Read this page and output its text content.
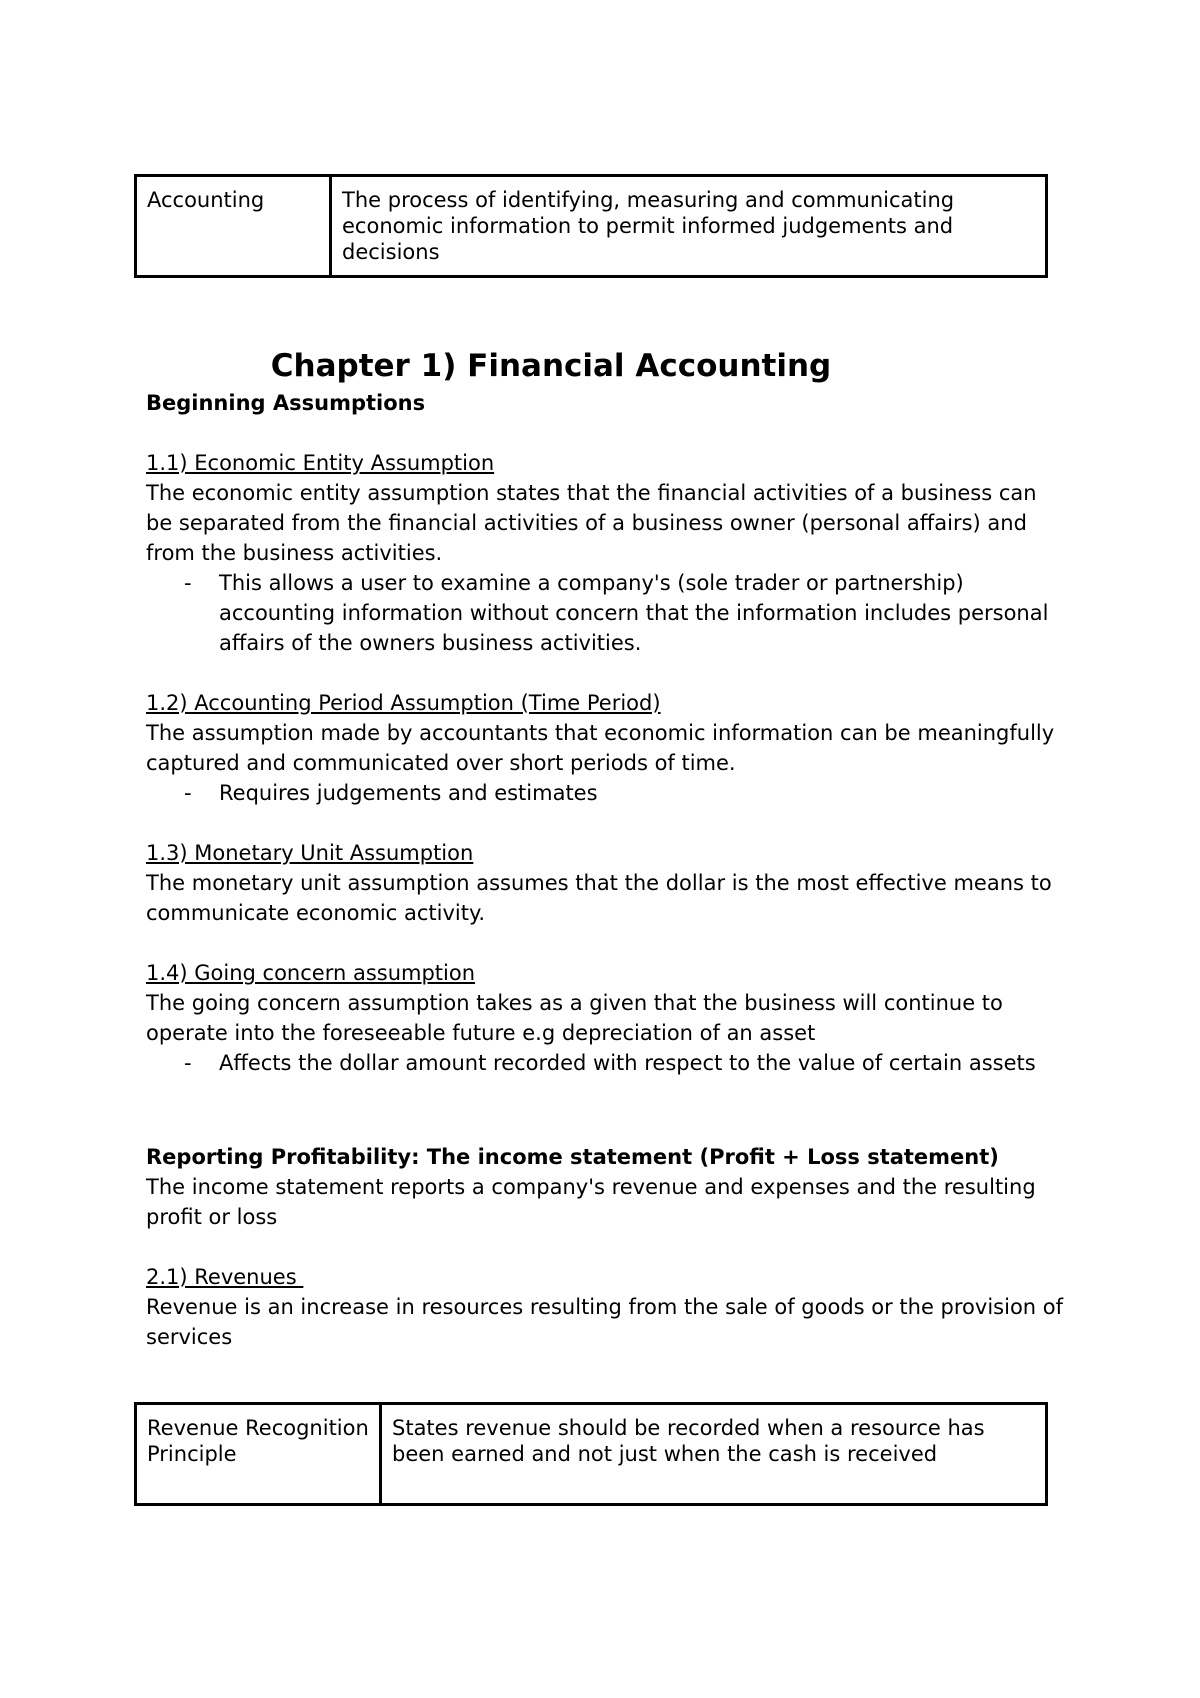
Accounting	The process of identifying, measuring and communicating economic information to permit informed judgements and decisions
Chapter 1) Financial Accounting
Beginning Assumptions
1.1) Economic Entity Assumption

The economic entity assumption states that the financial activities of a business can be separated from the financial activities of a business owner (personal affairs) and from the business activities.

- This allows a user to examine a company's (sole trader or partnership) accounting information without concern that the information includes personal affairs of the owners business activities.
1.2) Accounting Period Assumption (Time Period)

The assumption made by accountants that economic information can be meaningfully captured and communicated over short periods of time.

- Requires judgements and estimates
1.3) Monetary Unit Assumption

The monetary unit assumption assumes that the dollar is the most effective means to communicate economic activity.

1.4) Going concern assumption

The going concern assumption takes as a given that the business will continue to operate into the foreseeable future e.g depreciation of an asset

- Affects the dollar amount recorded with respect to the value of certain assets
Reporting Profitability: The income statement (Profit + Loss statement)

The income statement reports a company's revenue and expenses and the resulting profit or loss

2.1) Revenues

Revenue is an increase in resources resulting from the sale of goods or the provision of services

Revenue Recognition Principle	States revenue should be recorded when a resource has been earned and not just when the cash is received
